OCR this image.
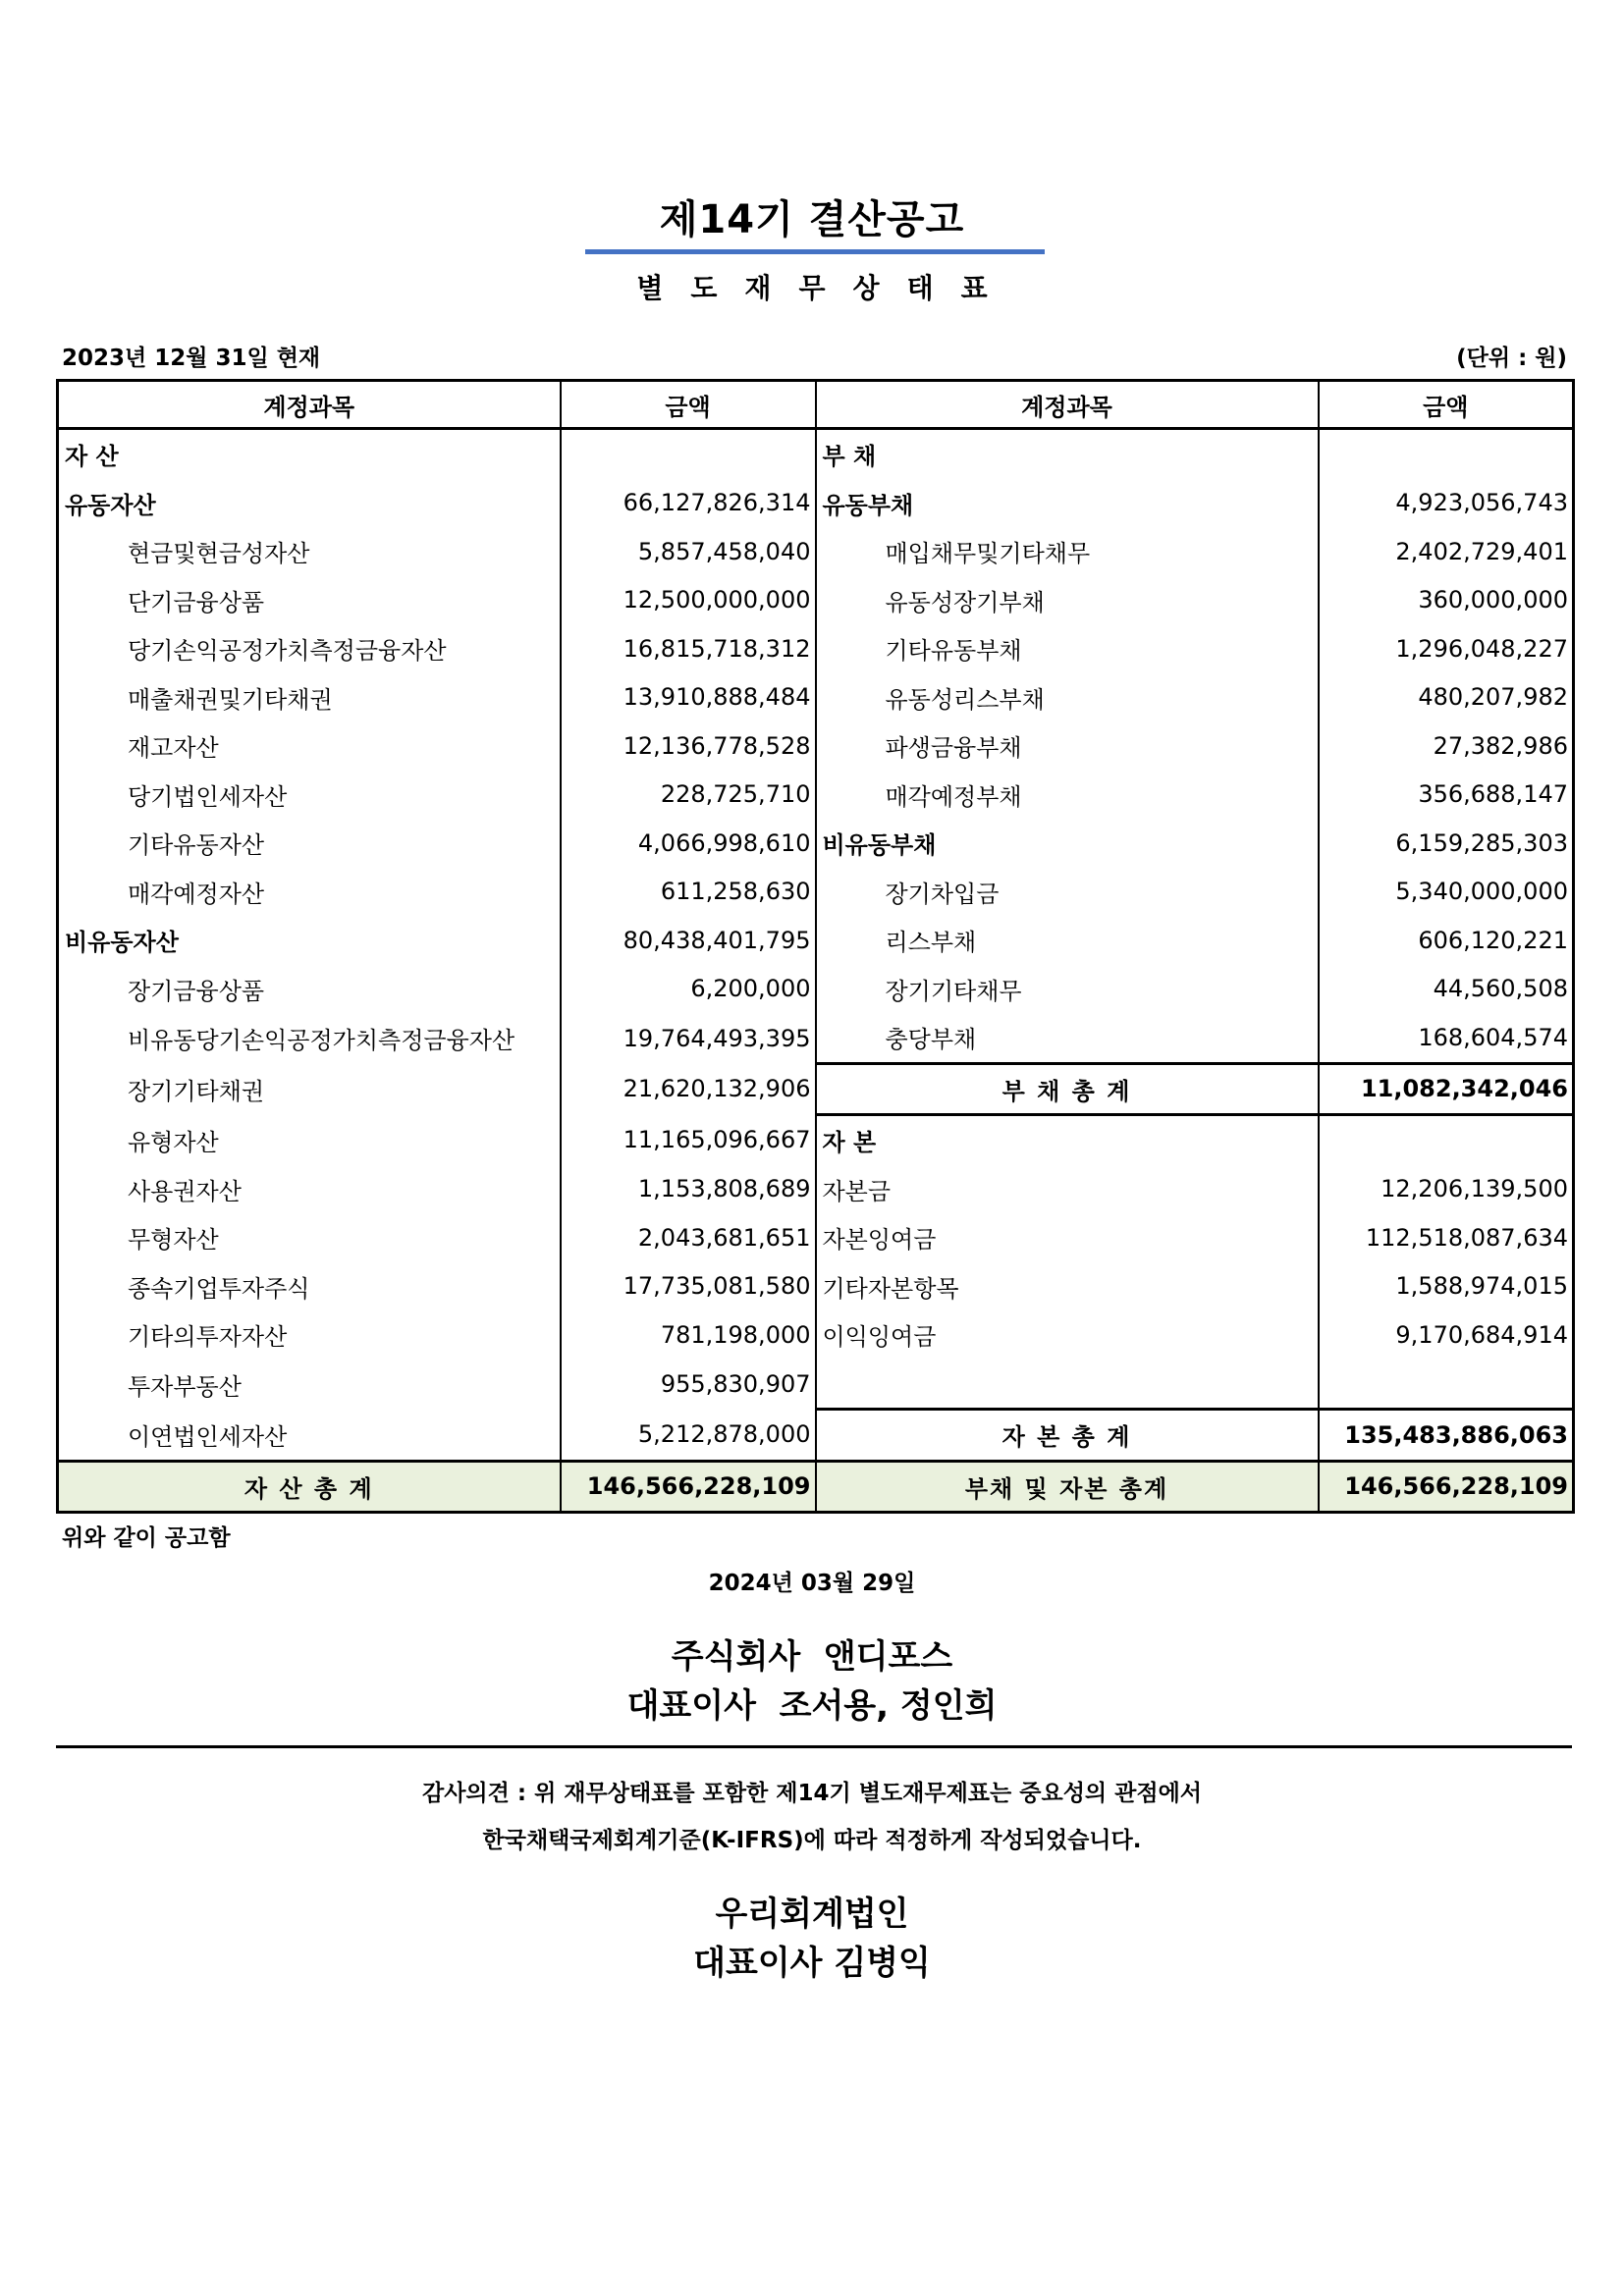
제14기 결산공고
별도재무상태표
2023년 12월 31일 현재	(단위 : 원)
계정과목	금액	계정과목	금액
자 산		부 채	
유동자산	66,127,826,314	유동부채	4,923,056,743
현금및현금성자산	5,857,458,040	매입채무및기타채무	2,402,729,401
단기금융상품	12,500,000,000	유동성장기부채	360,000,000
당기손익공정가치측정금융자산	16,815,718,312	기타유동부채	1,296,048,227
매출채권및기타채권	13,910,888,484	유동성리스부채	480,207,982
재고자산	12,136,778,528	파생금융부채	27,382,986
당기법인세자산	228,725,710	매각예정부채	356,688,147
기타유동자산	4,066,998,610	비유동부채	6,159,285,303
매각예정자산	611,258,630	장기차입금	5,340,000,000
비유동자산	80,438,401,795	리스부채	606,120,221
장기금융상품	6,200,000	장기기타채무	44,560,508
비유동당기손익공정가치측정금융자산	19,764,493,395	충당부채	168,604,574
장기기타채권	21,620,132,906	부 채 총 계	11,082,342,046
유형자산	11,165,096,667	자 본	
사용권자산	1,153,808,689	자본금	12,206,139,500
무형자산	2,043,681,651	자본잉여금	112,518,087,634
종속기업투자주식	17,735,081,580	기타자본항목	1,588,974,015
기타의투자자산	781,198,000	이익잉여금	9,170,684,914
투자부동산	955,830,907		
이연법인세자산	5,212,878,000	자 본 총 계	135,483,886,063
자 산 총 계	146,566,228,109	부채 및 자본 총계	146,566,228,109
위와 같이 공고함
2024년 03월 29일
주식회사  앤디포스
대표이사  조서용, 정인희
감사의견 : 위 재무상태표를 포함한 제14기 별도재무제표는 중요성의 관점에서
한국채택국제회계기준(K-IFRS)에 따라 적정하게 작성되었습니다.
우리회계법인
대표이사 김병익
